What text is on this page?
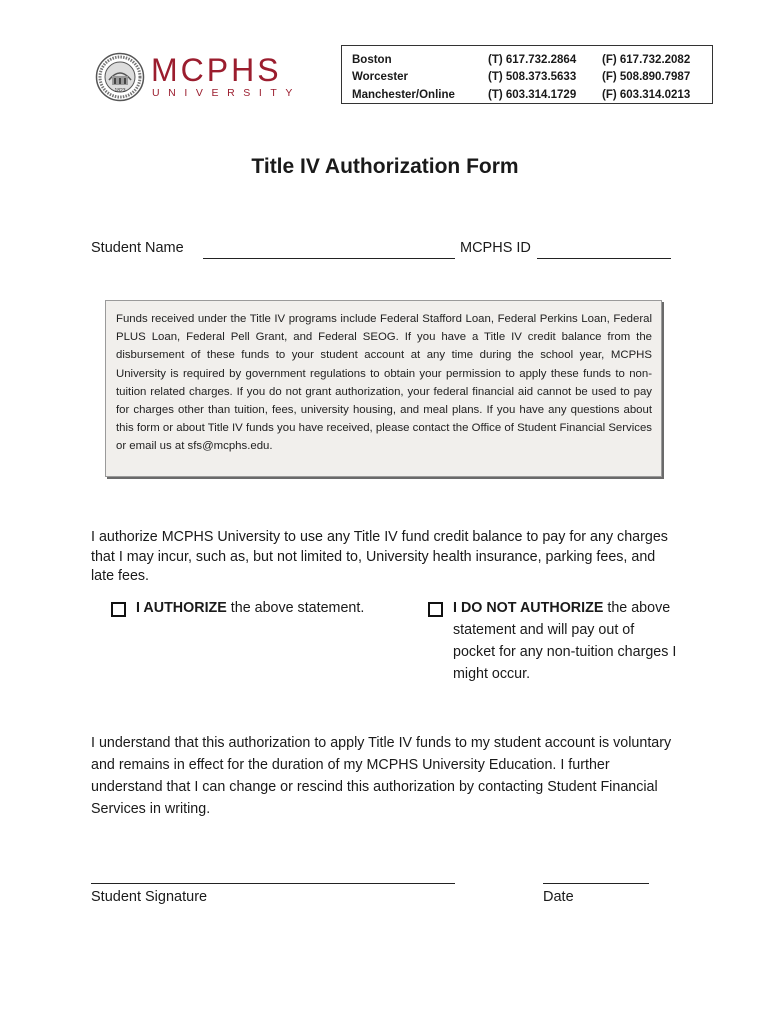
1823
MCPHS
UNIVERSITY
Boston	(T) 617.732.2864 (F) 617.732.2082
Worcester	(T) 508.373.5633 (F) 508.890.7987
Manchester/Online	(T) 603.314.1729 (F) 603.314.0213
Title IV Authorization Form
Student Name	MCPHS ID
Funds received under the Title IV programs include Federal Stafford Loan, Federal Perkins Loan, Federal PLUS Loan, Federal Pell Grant, and Federal SEOG. If you have a Title IV credit balance from the disbursement of these funds to your student account at any time during the school year, MCPHS University is required by government regulations to obtain your permission to apply these funds to non-tuition related charges. If you do not grant authorization, your federal financial aid cannot be used to pay for charges other than tuition, fees, university housing, and meal plans. If you have any questions about this form or about Title IV funds you have received, please contact the Office of Student Financial Services or email us at sfs@mcphs.edu.
I authorize MCPHS University to use any Title IV fund credit balance to pay for any charges that I may incur, such as, but not limited to, University health insurance, parking fees, and late fees.
I AUTHORIZE the above statement.	I DO NOT AUTHORIZE the above statement and will pay out of pocket for any non-tuition charges I might occur.
I understand that this authorization to apply Title IV funds to my student account is voluntary and remains in effect for the duration of my MCPHS University Education. I further understand that I can change or rescind this authorization by contacting Student Financial Services in writing.
Student Signature	Date
